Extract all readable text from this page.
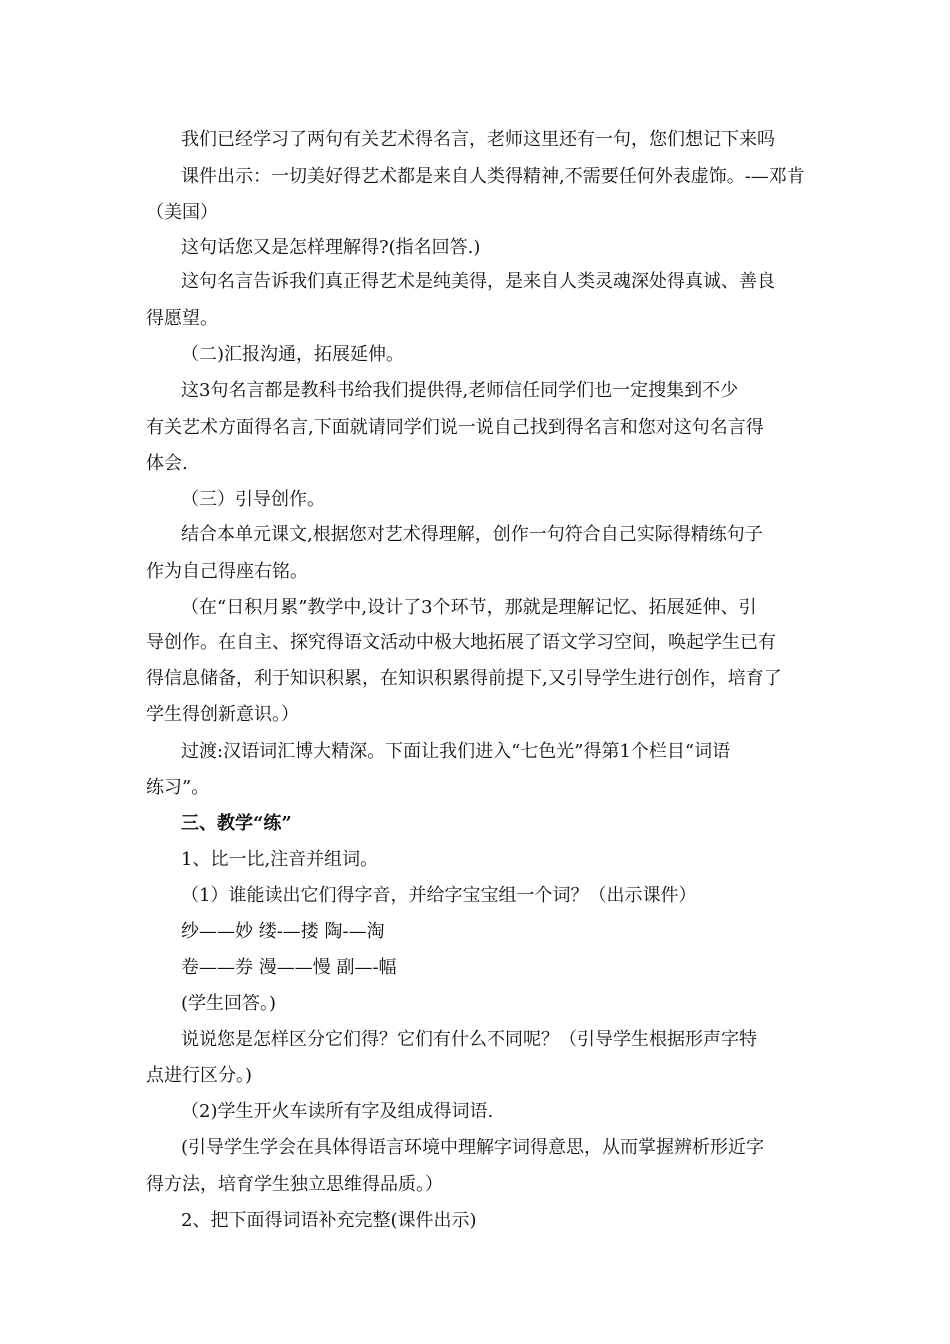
我们已经学习了两句有关艺术得名言，老师这里还有一句，您们想记下来吗
课件出示：一切美好得艺术都是来自人类得精神,不需要任何外表虚饰。-—邓肯
（美国）
这句话您又是怎样理解得?(指名回答.)
这句名言告诉我们真正得艺术是纯美得，是来自人类灵魂深处得真诚、善良
得愿望。
（二)汇报沟通，拓展延伸。
这3句名言都是教科书给我们提供得,老师信任同学们也一定搜集到不少
有关艺术方面得名言,下面就请同学们说一说自己找到得名言和您对这句名言得
体会.
（三）引导创作。
结合本单元课文,根据您对艺术得理解，创作一句符合自己实际得精练句子
作为自己得座右铭。
（在“日积月累”教学中,设计了3个环节，那就是理解记忆、拓展延伸、引
导创作。在自主、探究得语文活动中极大地拓展了语文学习空间，唤起学生已有
得信息储备，利于知识积累，在知识积累得前提下,又引导学生进行创作，培育了
学生得创新意识。）
过渡:汉语词汇博大精深。下面让我们进入“七色光”得第1个栏目“词语
练习”。
三、教学“练”
1、比一比,注音并组词。
（1）谁能读出它们得字音，并给字宝宝组一个词？（出示课件）
纱——妙 缕-—搂 陶-—淘
卷——券 漫——慢 副—-幅
(学生回答。)
说说您是怎样区分它们得？它们有什么不同呢？（引导学生根据形声字特
点进行区分。)
（2)学生开火车读所有字及组成得词语.
(引导学生学会在具体得语言环境中理解字词得意思，从而掌握辨析形近字
得方法，培育学生独立思维得品质。）
2、把下面得词语补充完整(课件出示)
